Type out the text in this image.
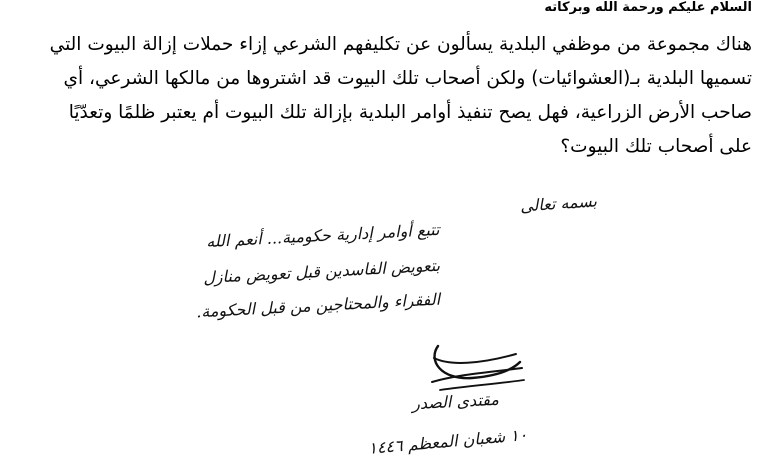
السلام عليكم ورحمة الله وبركاته
هناك مجموعة من موظفي البلدية يسألون عن تكليفهم الشرعي إزاء حملات إزالة البيوت التي
تسميها البلدية بـ(العشوائيات) ولكن أصحاب تلك البيوت قد اشتروها من مالكها الشرعي، أي
صاحب الأرض الزراعية، فهل يصح تنفيذ أوامر البلدية بإزالة تلك البيوت أم يعتبر ظلمًا وتعدّيًا
على أصحاب تلك البيوت؟
بسمه تعالى
تتبع أوامر إدارية حكومية... أنعم الله
بتعويض الفاسدين قبل تعويض منازل
الفقراء والمحتاجين من قبل الحكومة.
مقتدى الصدر
١٠ شعبان المعظم ١٤٤٦
